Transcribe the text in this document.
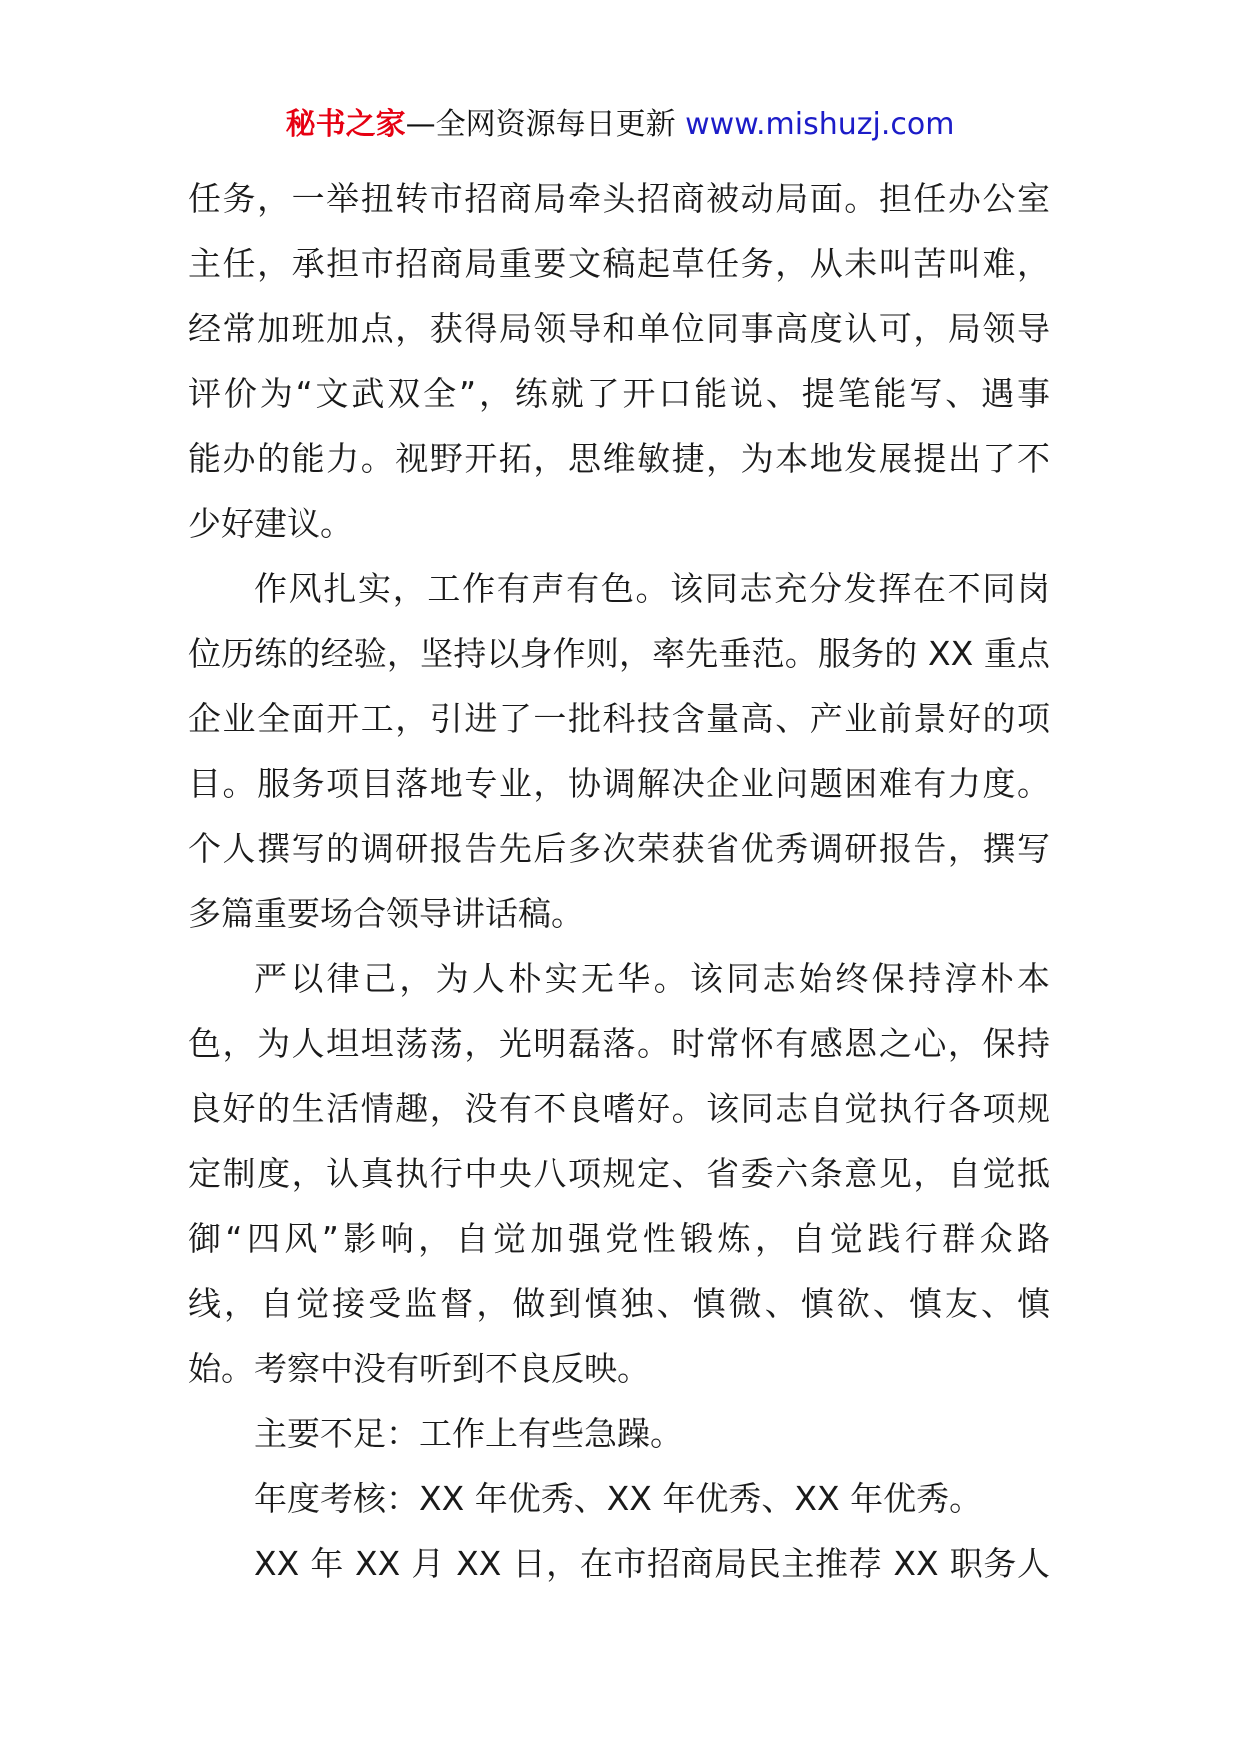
秘书之家—全网资源每日更新 www.mishuzj.com
任务，一举扭转市招商局牵头招商被动局面。担任办公室
主任，承担市招商局重要文稿起草任务，从未叫苦叫难，
经常加班加点，获得局领导和单位同事高度认可，局领导
评价为“文武双全”，练就了开口能说、提笔能写、遇事
能办的能力。视野开拓，思维敏捷，为本地发展提出了不
少好建议。
作风扎实，工作有声有色。该同志充分发挥在不同岗
位历练的经验，坚持以身作则，率先垂范。服务的 XX 重点
企业全面开工，引进了一批科技含量高、产业前景好的项
目。服务项目落地专业，协调解决企业问题困难有力度。
个人撰写的调研报告先后多次荣获省优秀调研报告，撰写
多篇重要场合领导讲话稿。
严以律己，为人朴实无华。该同志始终保持淳朴本
色，为人坦坦荡荡，光明磊落。时常怀有感恩之心，保持
良好的生活情趣，没有不良嗜好。该同志自觉执行各项规
定制度，认真执行中央八项规定、省委六条意见，自觉抵
御“四风”影响，自觉加强党性锻炼，自觉践行群众路
线，自觉接受监督，做到慎独、慎微、慎欲、慎友、慎
始。考察中没有听到不良反映。
主要不足：工作上有些急躁。
年度考核：XX 年优秀、XX 年优秀、XX 年优秀。
XX 年 XX 月 XX 日，在市招商局民主推荐 XX 职务人
